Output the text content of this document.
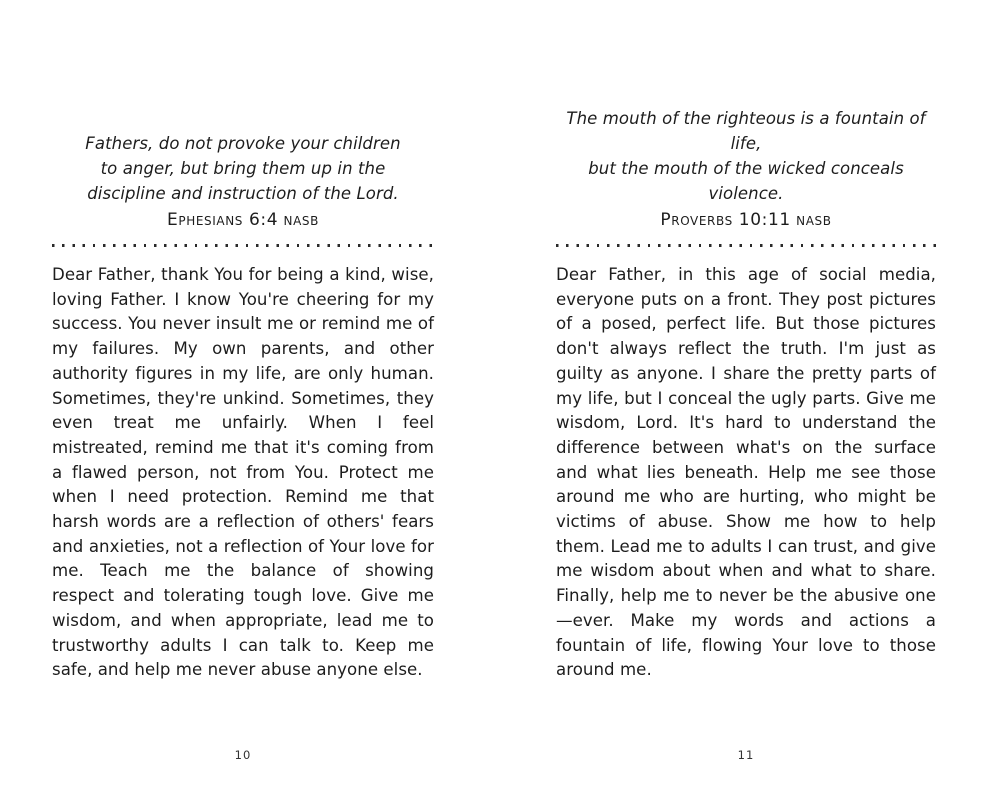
Fathers, do not provoke your children

to anger, but bring them up in the

discipline and instruction of the Lord.

Ephesians 6:4 NASB

Dear Father, thank You for being a kind, wise, loving Father. I know You're cheering for my success. You never insult me or remind me of my failures. My own parents, and other authority figures in my life, are only human. Sometimes, they're unkind. Sometimes, they even treat me unfairly. When I feel mistreated, remind me that it's coming from a flawed person, not from You. Protect me when I need protection. Remind me that harsh words are a reflection of others' fears and anxieties, not a reflection of Your love for me. Teach me the balance of showing respect and tolerating tough love. Give me wisdom, and when appropriate, lead me to trustworthy adults I can talk to. Keep me safe, and help me never abuse anyone else.

10

The mouth of the righteous is a fountain of life,

but the mouth of the wicked conceals violence.

Proverbs 10:11 NASB

Dear Father, in this age of social media, everyone puts on a front. They post pictures of a posed, perfect life. But those pictures don't always reflect the truth. I'm just as guilty as anyone. I share the pretty parts of my life, but I conceal the ugly parts. Give me wisdom, Lord. It's hard to understand the difference between what's on the surface and what lies beneath. Help me see those around me who are hurting, who might be victims of abuse. Show me how to help them. Lead me to adults I can trust, and give me wisdom about when and what to share. Finally, help me to never be the abusive one—ever. Make my words and actions a fountain of life, flowing Your love to those around me.

11
